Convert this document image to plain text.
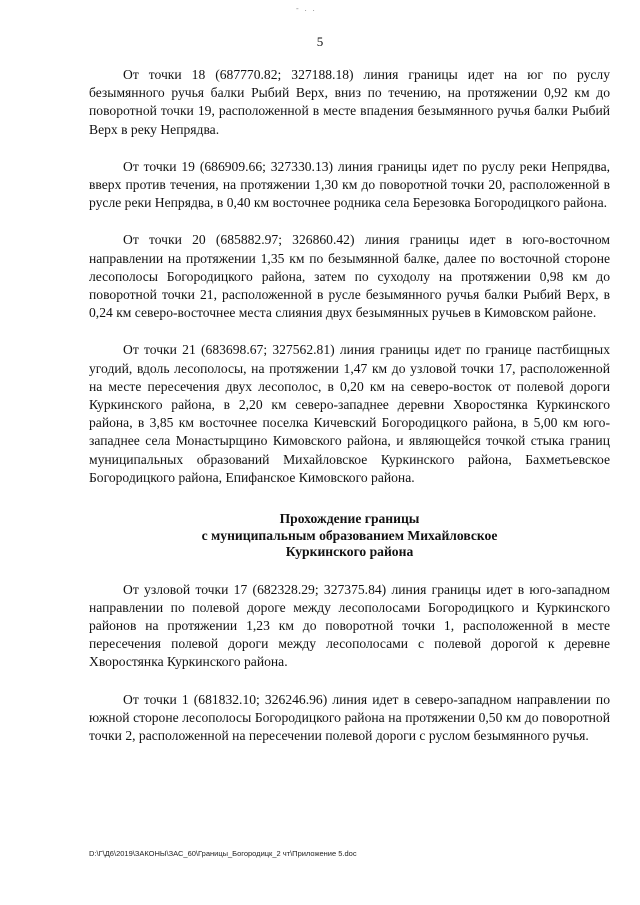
- . .
5

От точки 18 (687770.82; 327188.18) линия границы идет на юг по руслу безымянного ручья балки Рыбий Верх, вниз по течению, на протяжении 0,92 км до поворотной точки 19, расположенной в месте впадения безымянного ручья балки Рыбий Верх в реку Непрядва.

От точки 19 (686909.66; 327330.13) линия границы идет по руслу реки Непрядва, вверх против течения, на протяжении 1,30 км до поворотной точки 20, расположенной в русле реки Непрядва, в 0,40 км восточнее родника села Березовка Богородицкого района.

От точки 20 (685882.97; 326860.42) линия границы идет в юго-восточном направлении на протяжении 1,35 км по безымянной балке, далее по восточной стороне лесополосы Богородицкого района, затем по суходолу на протяжении 0,98 км до поворотной точки 21, расположенной в русле безымянного ручья балки Рыбий Верх, в 0,24 км северо-восточнее места слияния двух безымянных ручьев в Кимовском районе.

От точки 21 (683698.67; 327562.81) линия границы идет по границе пастбищных угодий, вдоль лесополосы, на протяжении 1,47 км до узловой точки 17, расположенной на месте пересечения двух лесополос, в 0,20 км на северо-восток от полевой дороги Куркинского района, в 2,20 км северо-западнее деревни Хворостянка Куркинского района, в 3,85 км восточнее поселка Кичевский Богородицкого района, в 5,00 км юго-западнее села Монастырщино Кимовского района, и являющейся точкой стыка границ муниципальных образований Михайловское Куркинского района, Бахметьевское Богородицкого района, Епифанское Кимовского района.

Прохождение границы
с муниципальным образованием Михайловское
Куркинского района

От узловой точки 17 (682328.29; 327375.84) линия границы идет в юго-западном направлении по полевой дороге между лесополосами Богородицкого и Куркинского районов на протяжении 1,23 км до поворотной точки 1, расположенной в месте пересечения полевой дороги между лесополосами с полевой дорогой к деревне Хворостянка Куркинского района.

От точки 1 (681832.10; 326246.96) линия идет в северо-западном направлении по южной стороне лесополосы Богородицкого района на протяжении 0,50 км до поворотной точки 2, расположенной на пересечении полевой дороги с руслом безымянного ручья.

D:\Г\Д6\2019\ЗАКОНЫ\ЗАС_60\Границы_Богородицк_2 чт\Приложение 5.doc
